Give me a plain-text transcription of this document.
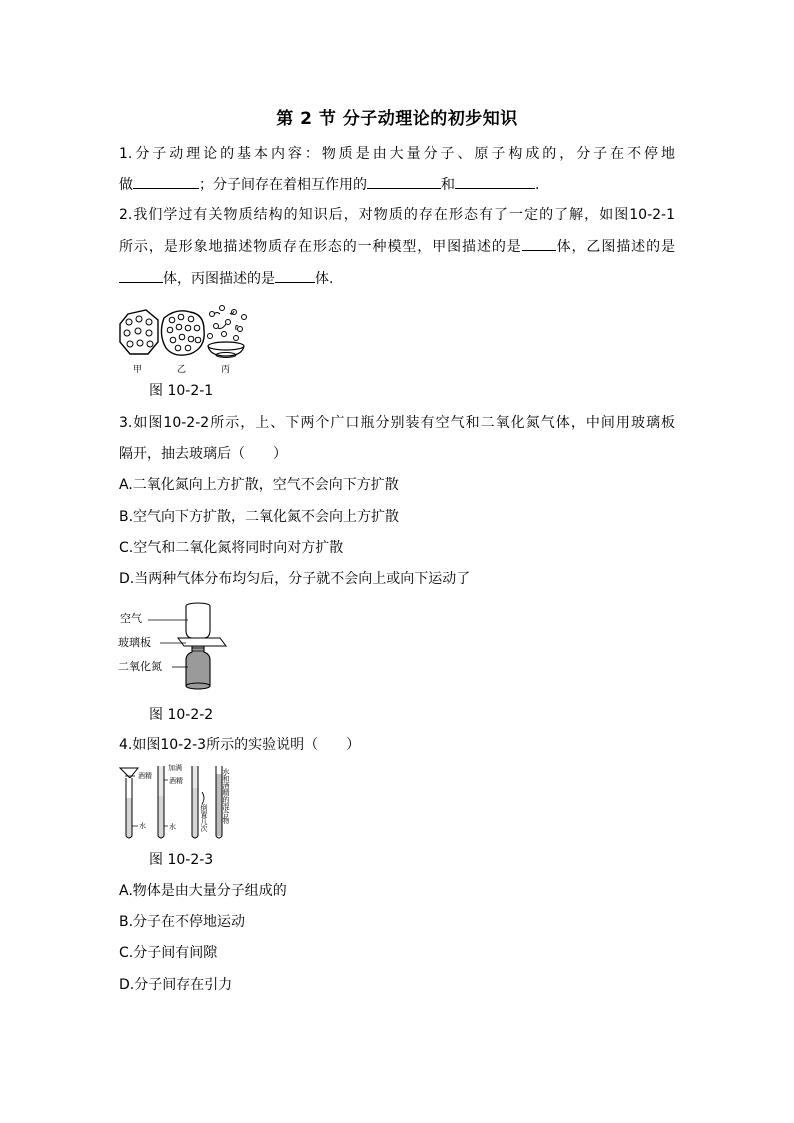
第 2 节 分子动理论的初步知识
1.分子动理论的基本内容：物质是由大量分子、原子构成的，分子在不停地
做	；分子间存在着相互作用的	和	.
2.我们学过有关物质结构的知识后，对物质的存在形态有了一定的了解，如图10-2-1
所示，是形象地描述物质存在形态的一种模型，甲图描述的是 体，乙图描述的是
体，丙图描述的是	体.
甲	乙	丙
图 10-2-1
3.如图10-2-2所示，上、下两个广口瓶分别装有空气和二氧化氮气体，中间用玻璃板
隔开，抽去玻璃后（　　）
A.二氧化氮向上方扩散，空气不会向下方扩散
B.空气向下方扩散，二氧化氮不会向上方扩散
C.空气和二氧化氮将同时向对方扩散
D.当两种气体分布均匀后，分子就不会向上或向下运动了
空气
玻璃板
二氧化氮
图 10-2-2
4.如图10-2-3所示的实验说明（　　）
水
酒精
加满
酒精
水	倒置几次 水和酒精的混合物
图 10-2-3
A.物体是由大量分子组成的
B.分子在不停地运动
C.分子间有间隙
D.分子间存在引力
